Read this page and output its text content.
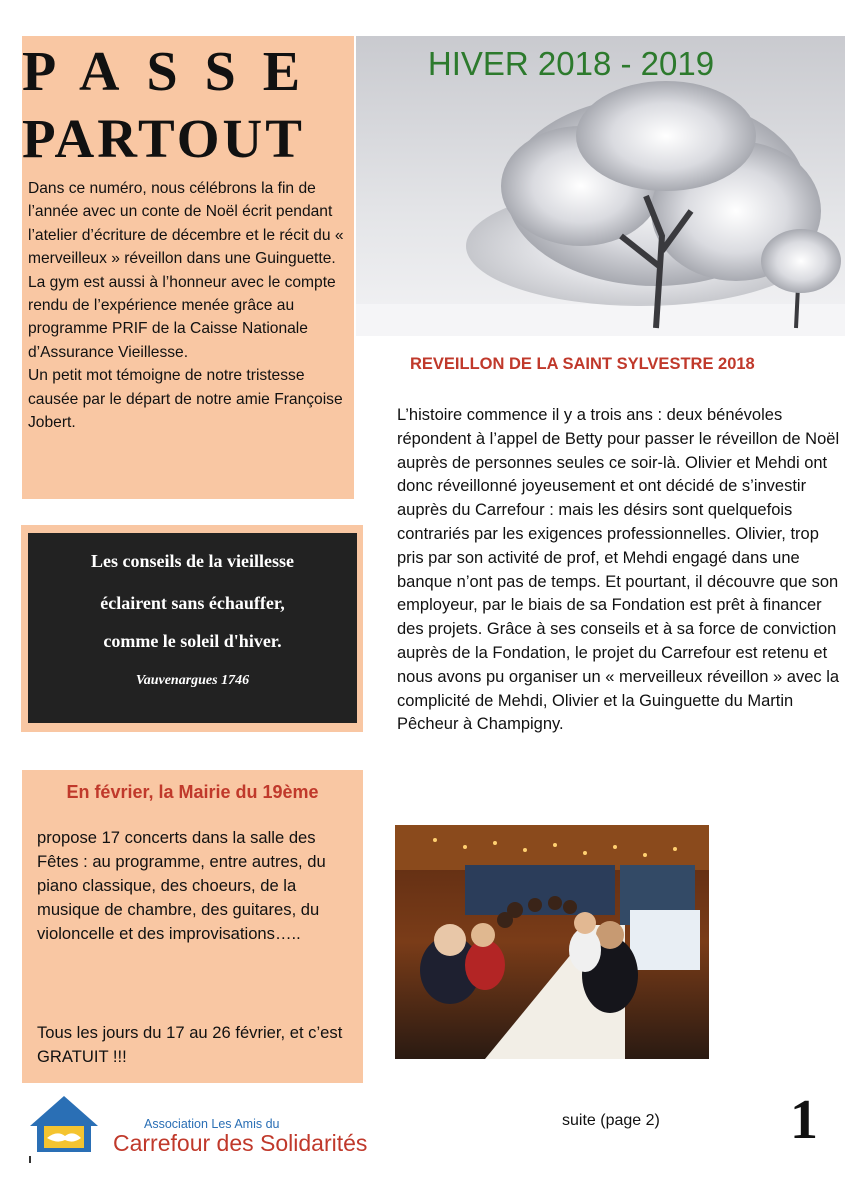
PASSE
PARTOUT

Dans ce numéro, nous célébrons la fin de l’année avec un conte de Noël écrit pendant l’atelier d’écriture de décembre et le récit du « merveilleux » réveillon dans une Guinguette.

La gym est aussi à l’honneur avec le compte rendu de l’expérience menée grâce au programme PRIF de la Caisse Nationale d’Assurance Vieillesse.

Un petit mot témoigne de notre tristesse causée par le départ de notre amie Françoise Jobert.

HIVER 2018 - 2019
REVEILLON DE LA SAINT SYLVESTRE 2018
L’histoire commence il y a trois ans : deux bénévoles répondent à l’appel de Betty pour passer le réveillon de Noël auprès de personnes seules ce soir-là. Olivier et Mehdi ont donc réveillonné joyeusement et ont décidé de s’investir auprès du Carrefour : mais les désirs sont quelquefois contrariés par les exigences professionnelles. Olivier, trop pris par son activité de prof, et Mehdi engagé dans une banque n’ont pas de temps. Et pourtant, il découvre que son employeur, par le biais de sa Fondation est prêt à financer des projets. Grâce à ses conseils et à sa force de conviction auprès de la Fondation, le projet du Carrefour est retenu et nous avons pu organiser un « merveilleux réveillon » avec la complicité de Mehdi, Olivier et la Guinguette du Martin Pêcheur à Champigny.
Les conseils de la vieillesse
éclairent sans échauffer,
comme le soleil d'hiver.
Vauvenargues 1746
En février, la Mairie du 19ème
propose 17 concerts dans la salle des Fêtes : au programme, entre autres, du piano classique, des choeurs, de la musique de chambre, des guitares, du violoncelle et des improvisations…..
Tous les jours du 17 au 26 février, et c’est GRATUIT !!!
Association Les Amis du
Carrefour des Solidarités
suite (page 2) 1
